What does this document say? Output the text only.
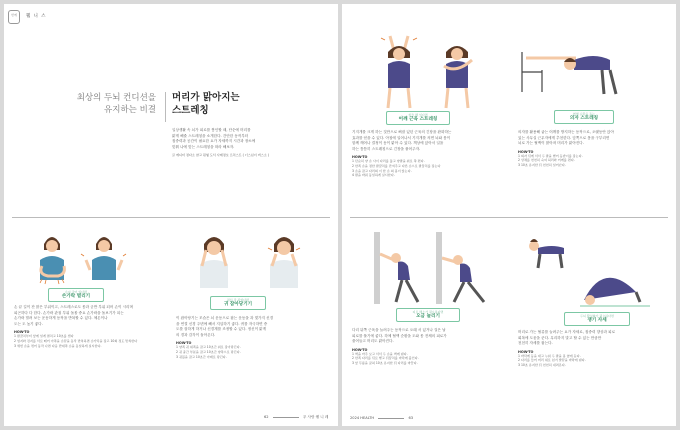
함께	웰 니 스
최상의 두뇌 컨디션을
유지하는 비결
머리가 맑아지는
스트레칭
일상생활 속 뇌가 피로를 쌓인할 때, 단순에 머리를
맑게 해줄 스트레칭을 소개한다. 간단한 동작부터
집중력과 공간이 필요한 요가 자세까지 시간과 장소에
맞춰 나에 맞는 스트레칭을 따라 해보자.
글 에디터 정다소 참고 원형 도서 사례정보 르치스트 ( 너스님이 버스소 )
손이 굳어 있다면
손가락 벌리기
손 끝 길이 잔 많은 부위이고, 스트레스로도 몸과 굳반 부위 되어 손이 시리며
피곤하다 다 한다. 손가락 관절 부위 돌볼 중요 손가락을 돌보기가 되는
손가락 벌려 보는 운동하게 동작을 반복할 수 있다. 체온이나
도는 도 높기 좋다.
HOW-TO
1 팔꿈치부터 앞에 일게 펼치고 10초를 센다
2 엄지와 검지를 서로 떼어 아쪽을 손끝을 동작 반복하면 손가락을 잡고 10회 정도 반복한다
3 세번 손을 꺾어 동작 나면 다음 반대쪽 손을 동일하게 실시한다.
결심 잘 되었다면
귀 잡아당기기
이 잡아당기는 모습은 뇌 운동으로 잡는 운동을 과 몇가지 신경
을 연결 신경 주변에 빼서 지압하기 좋다. 귀를 자극하면 중
도를 잘하게 하거나 신경계를 조정할 수 있다. 정신이 맑게
의 경과 감각이 돌아온다.
HOW-TO
1 양쪽 귀 위쪽을 잡고 10초간 위로 잡아당긴다.
2 귀 중간 부분을 잡고 10초간 양쪽으로 당긴다.
3 귀볼을 잡고 10초간 아래로 당긴다.
62	푸 사랑 웰 니 레
힘들 해 있다면
어깨 근육 스트레칭
기지개를 크게 하는 것만으로 뻐잘 있던 근육의 긴장을 완화하는
효과를 얻을 수 있다. 아침에 일어나서 기지개를 켜면 뇌와 몸이
함께 깨어나 결정이 동이 맑아 수 있다. 책상에 앉아서 일을
하는 틈틈히 스트레칭으로 긴장을 풀어주자.
HOW-TO
1 단순히 양 손 사이 다리를 틀고 양팔을 위로 쭉 편다.
2 한쪽 손을 정한 팔꿈치를 만져주고 다른 손으로 팔꿈치를 잡는다
3 손을 잡고 다리의 이 한 손 의 몸이 앉는다.
4 팔을 바꿔 동일하게 실시한다.
혈액 순환을 돕는
의자 스트레칭
의자를 활용해 굽는 어깨를 방지하는 동작으로, 오랫동안 앉아
있는 사무실 근무자에게 추천한다. 앞쪽으로 몸을 구부리면
뇌로 가는 혈액이 많아져 머리가 맑아진다.
HOW-TO
1 의자 뒤에 서서 두 팔을 뻗어 등받이를 잡는다.
2 상체를 천천히 숙여 허리와 어깨를 편다.
3 10초 유지한 뒤 천천히 일어난다.
피로 해소가 필요하다면
오금 늘리기
다리 뒤쪽 근육을 늘려주는 동작으로 오래 서 있거나 걸은 날
피로를 풀기에 좋다. 하체 혈액 순환을 도와 몸 전체의 피로가
줄어들고 머리도 맑아진다.
HOW-TO
1 벽을 마주 보고 서서 두 손을 벽에 댄다.
2 한쪽 다리를 뒤로 뻗고 뒤꿈치를 바닥에 붙인다.
3 앞 무릎을 굽혀 10초 유지한 뒤 다리를 바꾼다.
두뇌 활성화가 필요하다면
쟁기 자세
머리로 가는 혈류를 늘려주는 요가 자세로, 집중력 향상과 피로
회복에 도움을 준다. 무리하지 말고 할 수 있는 만큼만
천천히 자세를 잡는다.
HOW-TO
1 바닥에 등을 대고 누워 두 팔을 몸 옆에 둔다.
2 다리를 들어 머리 위로 넘겨 발끝을 바닥에 댄다.
3 10초 유지한 뒤 천천히 내려온다.
2024 HEALTH	63
